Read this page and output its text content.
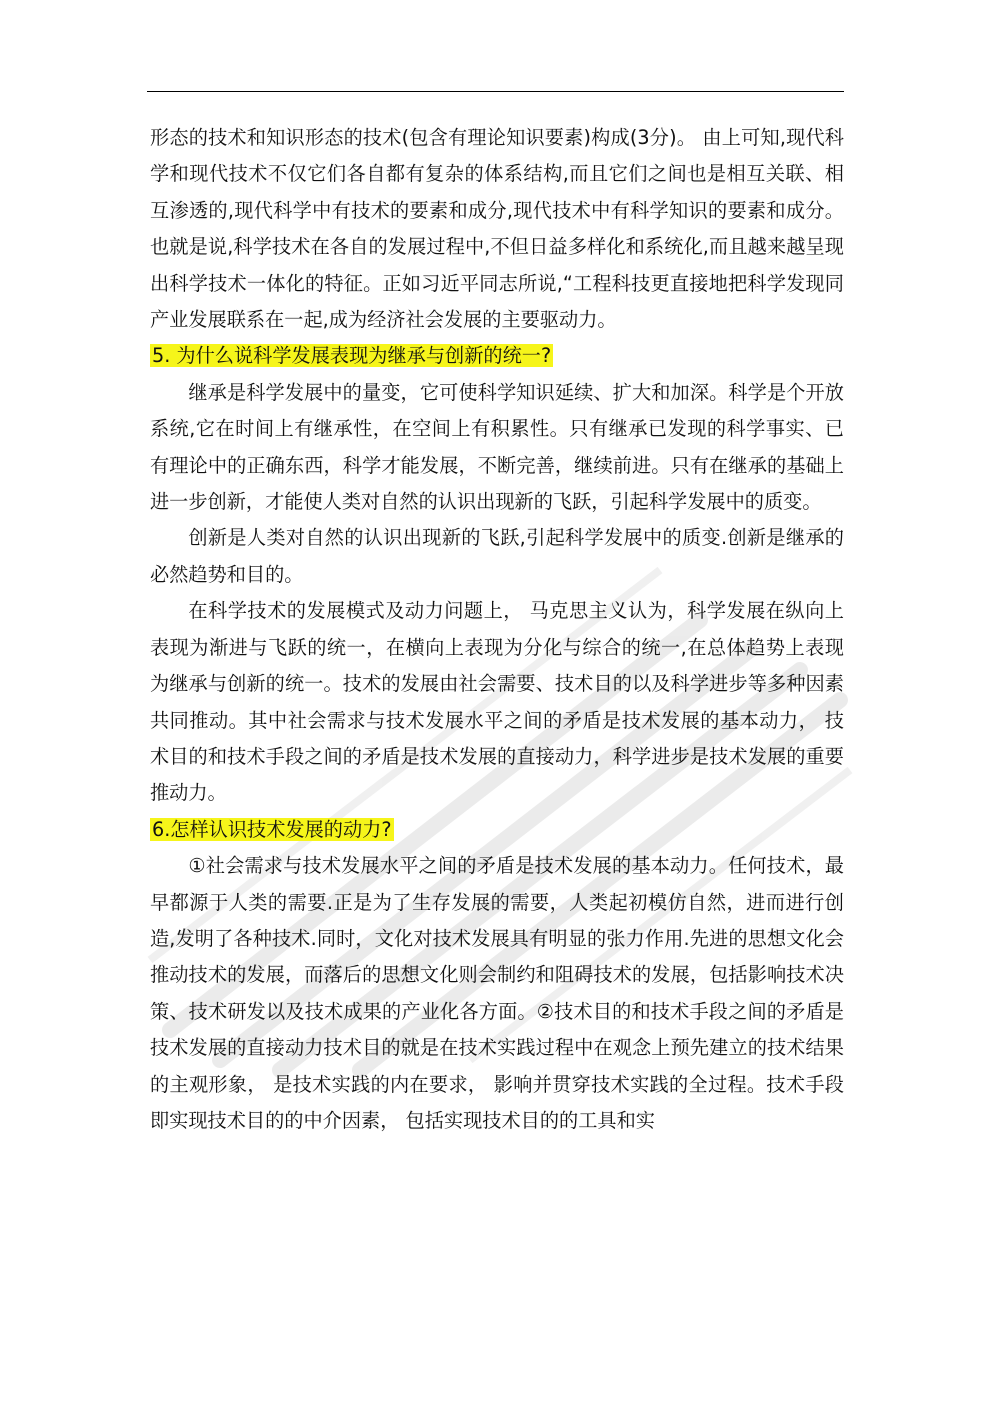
形态的技术和知识形态的技术(包含有理论知识要素)构成(3分)。 由上可知,现代科学和现代技术不仅它们各自都有复杂的体系结构,而且它们之间也是相互关联、相互渗透的,现代科学中有技术的要素和成分,现代技术中有科学知识的要素和成分。也就是说,科学技术在各自的发展过程中,不但日益多样化和系统化,而且越来越呈现出科学技术一体化的特征。正如习近平同志所说,“工程科技更直接地把科学发现同产业发展联系在一起,成为经济社会发展的主要驱动力。

5. 为什么说科学发展表现为继承与创新的统一?

继承是科学发展中的量变，它可使科学知识延续、扩大和加深。科学是个开放系统,它在时间上有继承性，在空间上有积累性。只有继承已发现的科学事实、已有理论中的正确东西，科学才能发展，不断完善，继续前进。只有在继承的基础上进一步创新，才能使人类对自然的认识出现新的飞跃，引起科学发展中的质变。

创新是人类对自然的认识出现新的飞跃,引起科学发展中的质变.创新是继承的必然趋势和目的。

在科学技术的发展模式及动力问题上， 马克思主义认为，科学发展在纵向上表现为渐进与飞跃的统一，在横向上表现为分化与综合的统一,在总体趋势上表现为继承与创新的统一。技术的发展由社会需要、技术目的以及科学进步等多种因素共同推动。其中社会需求与技术发展水平之间的矛盾是技术发展的基本动力， 技术目的和技术手段之间的矛盾是技术发展的直接动力，科学进步是技术发展的重要推动力。

6.怎样认识技术发展的动力?

①社会需求与技术发展水平之间的矛盾是技术发展的基本动力。任何技术，最早都源于人类的需要.正是为了生存发展的需要，人类起初模仿自然，进而进行创造,发明了各种技术.同时，文化对技术发展具有明显的张力作用.先进的思想文化会推动技术的发展，而落后的思想文化则会制约和阻碍技术的发展，包括影响技术决策、技术研发以及技术成果的产业化各方面。②技术目的和技术手段之间的矛盾是技术发展的直接动力技术目的就是在技术实践过程中在观念上预先建立的技术结果的主观形象， 是技术实践的内在要求， 影响并贯穿技术实践的全过程。技术手段即实现技术目的的中介因素， 包括实现技术目的的工具和实
